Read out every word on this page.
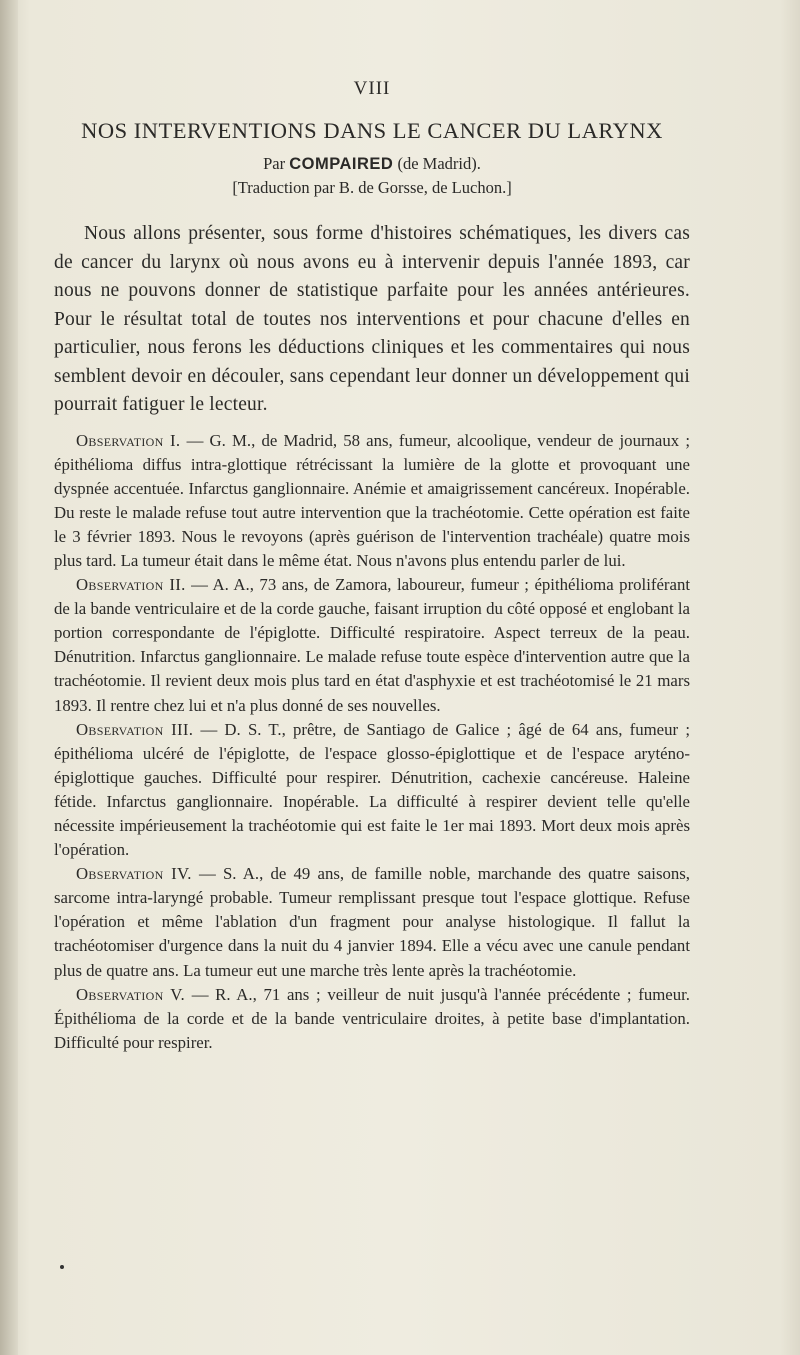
VIII
NOS INTERVENTIONS DANS LE CANCER DU LARYNX
Par COMPAIRED (de Madrid).
[Traduction par B. de Gorsse, de Luchon.]

Nous allons présenter, sous forme d'histoires schématiques, les divers cas de cancer du larynx où nous avons eu à intervenir depuis l'année 1893, car nous ne pouvons donner de statistique parfaite pour les années antérieures. Pour le résultat total de toutes nos interventions et pour chacune d'elles en particulier, nous ferons les déductions cliniques et les commentaires qui nous semblent devoir en découler, sans cependant leur donner un développement qui pourrait fatiguer le lecteur.

Observation I. — G. M., de Madrid, 58 ans, fumeur, alcoolique, vendeur de journaux ; épithélioma diffus intra-glottique rétrécissant la lumière de la glotte et provoquant une dyspnée accentuée. Infarctus ganglionnaire. Anémie et amaigrissement cancéreux. Inopérable. Du reste le malade refuse tout autre intervention que la trachéotomie. Cette opération est faite le 3 février 1893. Nous le revoyons (après guérison de l'intervention trachéale) quatre mois plus tard. La tumeur était dans le même état. Nous n'avons plus entendu parler de lui.

Observation II. — A. A., 73 ans, de Zamora, laboureur, fumeur ; épithélioma proliférant de la bande ventriculaire et de la corde gauche, faisant irruption du côté opposé et englobant la portion correspondante de l'épiglotte. Difficulté respiratoire. Aspect terreux de la peau. Dénutrition. Infarctus ganglionnaire. Le malade refuse toute espèce d'intervention autre que la trachéotomie. Il revient deux mois plus tard en état d'asphyxie et est trachéotomisé le 21 mars 1893. Il rentre chez lui et n'a plus donné de ses nouvelles.

Observation III. — D. S. T., prêtre, de Santiago de Galice ; âgé de 64 ans, fumeur ; épithélioma ulcéré de l'épiglotte, de l'espace glosso-épiglottique et de l'espace aryténo-épiglottique gauches. Difficulté pour respirer. Dénutrition, cachexie cancéreuse. Haleine fétide. Infarctus ganglionnaire. Inopérable. La difficulté à respirer devient telle qu'elle nécessite impérieusement la trachéotomie qui est faite le 1er mai 1893. Mort deux mois après l'opération.

Observation IV. — S. A., de 49 ans, de famille noble, marchande des quatre saisons, sarcome intra-laryngé probable. Tumeur remplissant presque tout l'espace glottique. Refuse l'opération et même l'ablation d'un fragment pour analyse histologique. Il fallut la trachéotomiser d'urgence dans la nuit du 4 janvier 1894. Elle a vécu avec une canule pendant plus de quatre ans. La tumeur eut une marche très lente après la trachéotomie.

Observation V. — R. A., 71 ans ; veilleur de nuit jusqu'à l'année précédente ; fumeur. Épithélioma de la corde et de la bande ventriculaire droites, à petite base d'implantation. Difficulté pour respirer.
